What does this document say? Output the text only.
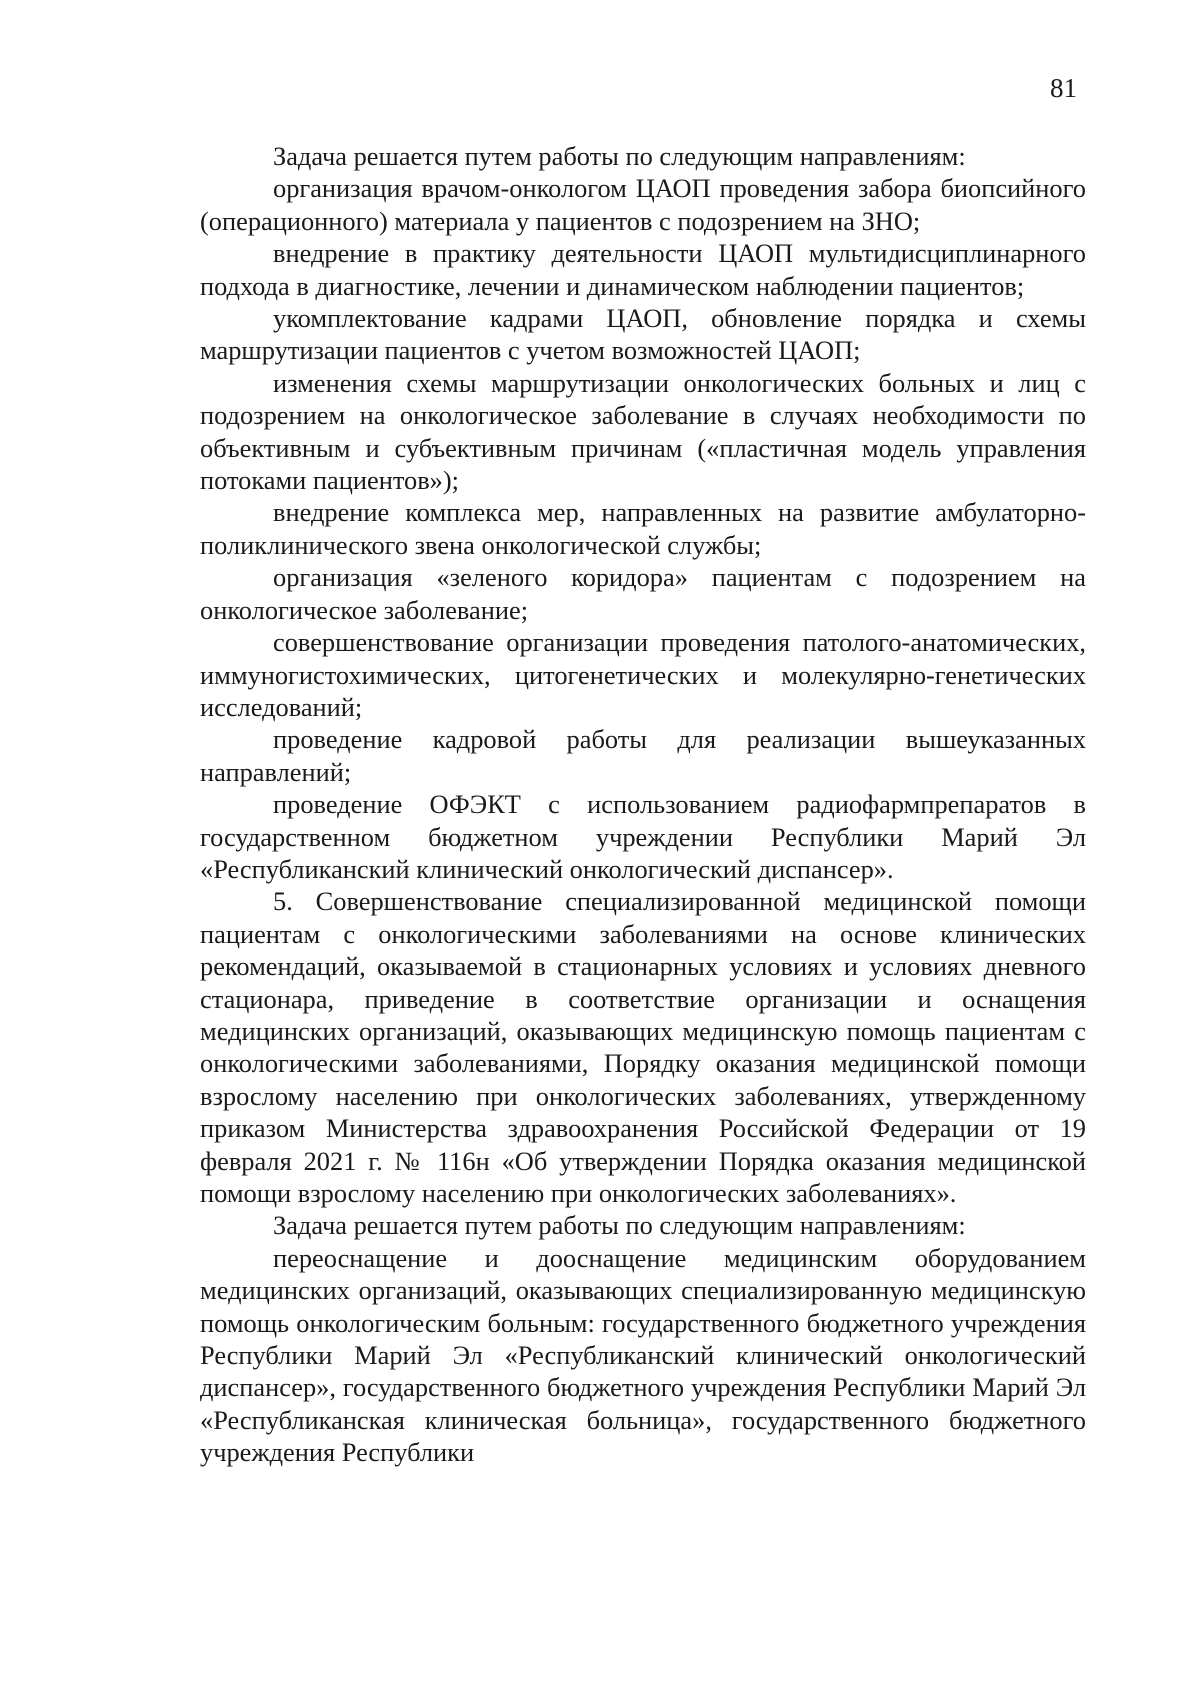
81

Задача решается путем работы по следующим направлениям:

организация врачом-онкологом ЦАОП проведения забора биопсийного (операционного) материала у пациентов с подозрением на ЗНО;

внедрение в практику деятельности ЦАОП мультидисциплинарного подхода в диагностике, лечении и динамическом наблюдении пациентов;

укомплектование кадрами ЦАОП, обновление порядка и схемы маршрутизации пациентов с учетом возможностей ЦАОП;

изменения схемы маршрутизации онкологических больных и лиц с подозрением на онкологическое заболевание в случаях необходимости по объективным и субъективным причинам («пластичная модель управления потоками пациентов»);

внедрение комплекса мер, направленных на развитие амбулаторно-поликлинического звена онкологической службы;

организация «зеленого коридора» пациентам с подозрением на онкологическое заболевание;

совершенствование организации проведения патолого-анатомических, иммуногистохимических, цитогенетических и молекулярно-генетических исследований;

проведение кадровой работы для реализации вышеуказанных направлений;

проведение ОФЭКТ с использованием радиофармпрепаратов в государственном бюджетном учреждении Республики Марий Эл «Республиканский клинический онкологический диспансер».

5. Совершенствование специализированной медицинской помощи пациентам с онкологическими заболеваниями на основе клинических рекомендаций, оказываемой в стационарных условиях и условиях дневного стационара, приведение в соответствие организации и оснащения медицинских организаций, оказывающих медицинскую помощь пациентам с онкологическими заболеваниями, Порядку оказания медицинской помощи взрослому населению при онкологических заболеваниях, утвержденному приказом Министерства здравоохранения Российской Федерации от 19 февраля 2021 г. № 116н «Об утверждении Порядка оказания медицинской помощи взрослому населению при онкологических заболеваниях».

Задача решается путем работы по следующим направлениям:

переоснащение и дооснащение медицинским оборудованием медицинских организаций, оказывающих специализированную медицинскую помощь онкологическим больным: государственного бюджетного учреждения Республики Марий Эл «Республиканский клинический онкологический диспансер», государственного бюджетного учреждения Республики Марий Эл «Республиканская клиническая больница», государственного бюджетного учреждения Республики
